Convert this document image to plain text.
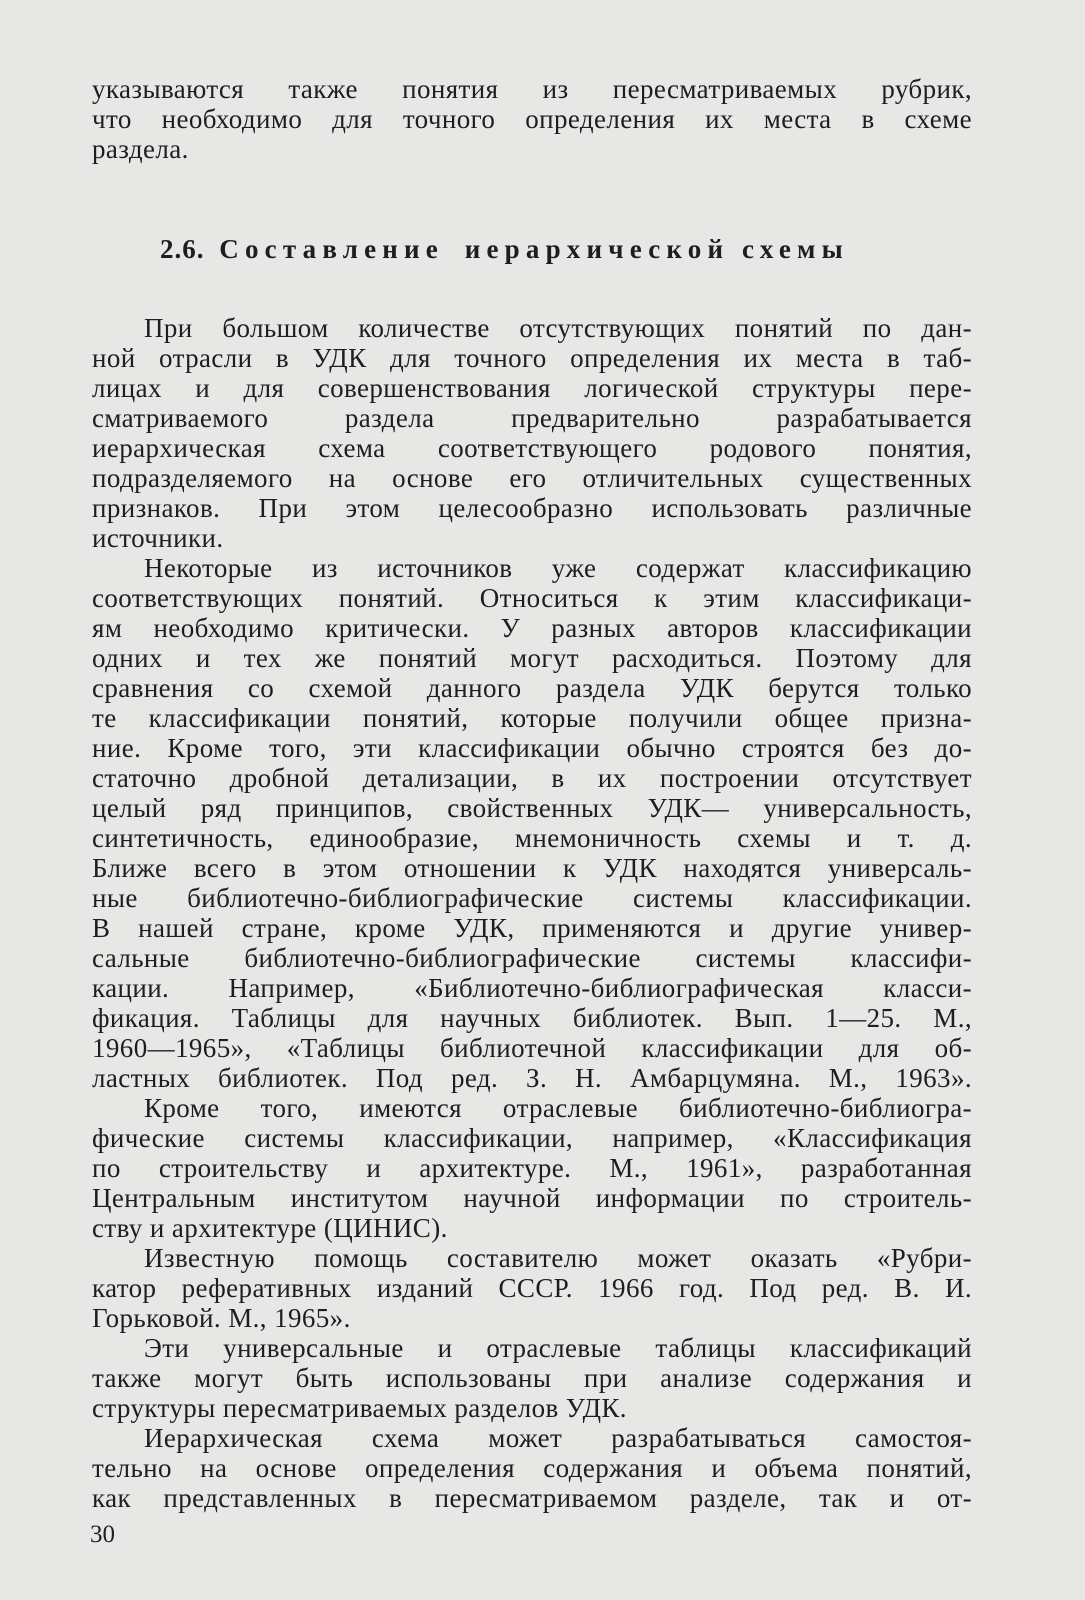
указываются также понятия из пересматриваемых рубрик,
что необходимо для точного определения их места в схеме
раздела.
2.6. Составление иерархической схемы
При большом количестве отсутствующих понятий по дан-
ной отрасли в УДК для точного определения их места в таб-
лицах и для совершенствования логической структуры пере-
сматриваемого раздела предварительно разрабатывается
иерархическая схема соответствующего родового понятия,
подразделяемого на основе его отличительных существенных
признаков. При этом целесообразно использовать различные
источники.
Некоторые из источников уже содержат классификацию
соответствующих понятий. Относиться к этим классификаци-
ям необходимо критически. У разных авторов классификации
одних и тех же понятий могут расходиться. Поэтому для
сравнения со схемой данного раздела УДК берутся только
те классификации понятий, которые получили общее призна-
ние. Кроме того, эти классификации обычно строятся без до-
статочно дробной детализации, в их построении отсутствует
целый ряд принципов, свойственных УДК— универсальность,
синтетичность, единообразие, мнемоничность схемы и т. д.
Ближе всего в этом отношении к УДК находятся универсаль-
ные библиотечно-библиографические системы классификации.
В нашей стране, кроме УДК, применяются и другие универ-
сальные библиотечно-библиографические системы классифи-
кации. Например, «Библиотечно-библиографическая класси-
фикация. Таблицы для научных библиотек. Вып. 1—25. М.,
1960—1965», «Таблицы библиотечной классификации для об-
ластных библиотек. Под ред. З. Н. Амбарцумяна. М., 1963».
Кроме того, имеются отраслевые библиотечно-библиогра-
фические системы классификации, например, «Классификация
по строительству и архитектуре. М., 1961», разработанная
Центральным институтом научной информации по строитель-
ству и архитектуре (ЦИНИС).
Известную помощь составителю может оказать «Рубри-
катор реферативных изданий СССР. 1966 год. Под ред. В. И.
Горьковой. М., 1965».
Эти универсальные и отраслевые таблицы классификаций
также могут быть использованы при анализе содержания и
структуры пересматриваемых разделов УДК.
Иерархическая схема может разрабатываться самостоя-
тельно на основе определения содержания и объема понятий,
как представленных в пересматриваемом разделе, так и от-
30
